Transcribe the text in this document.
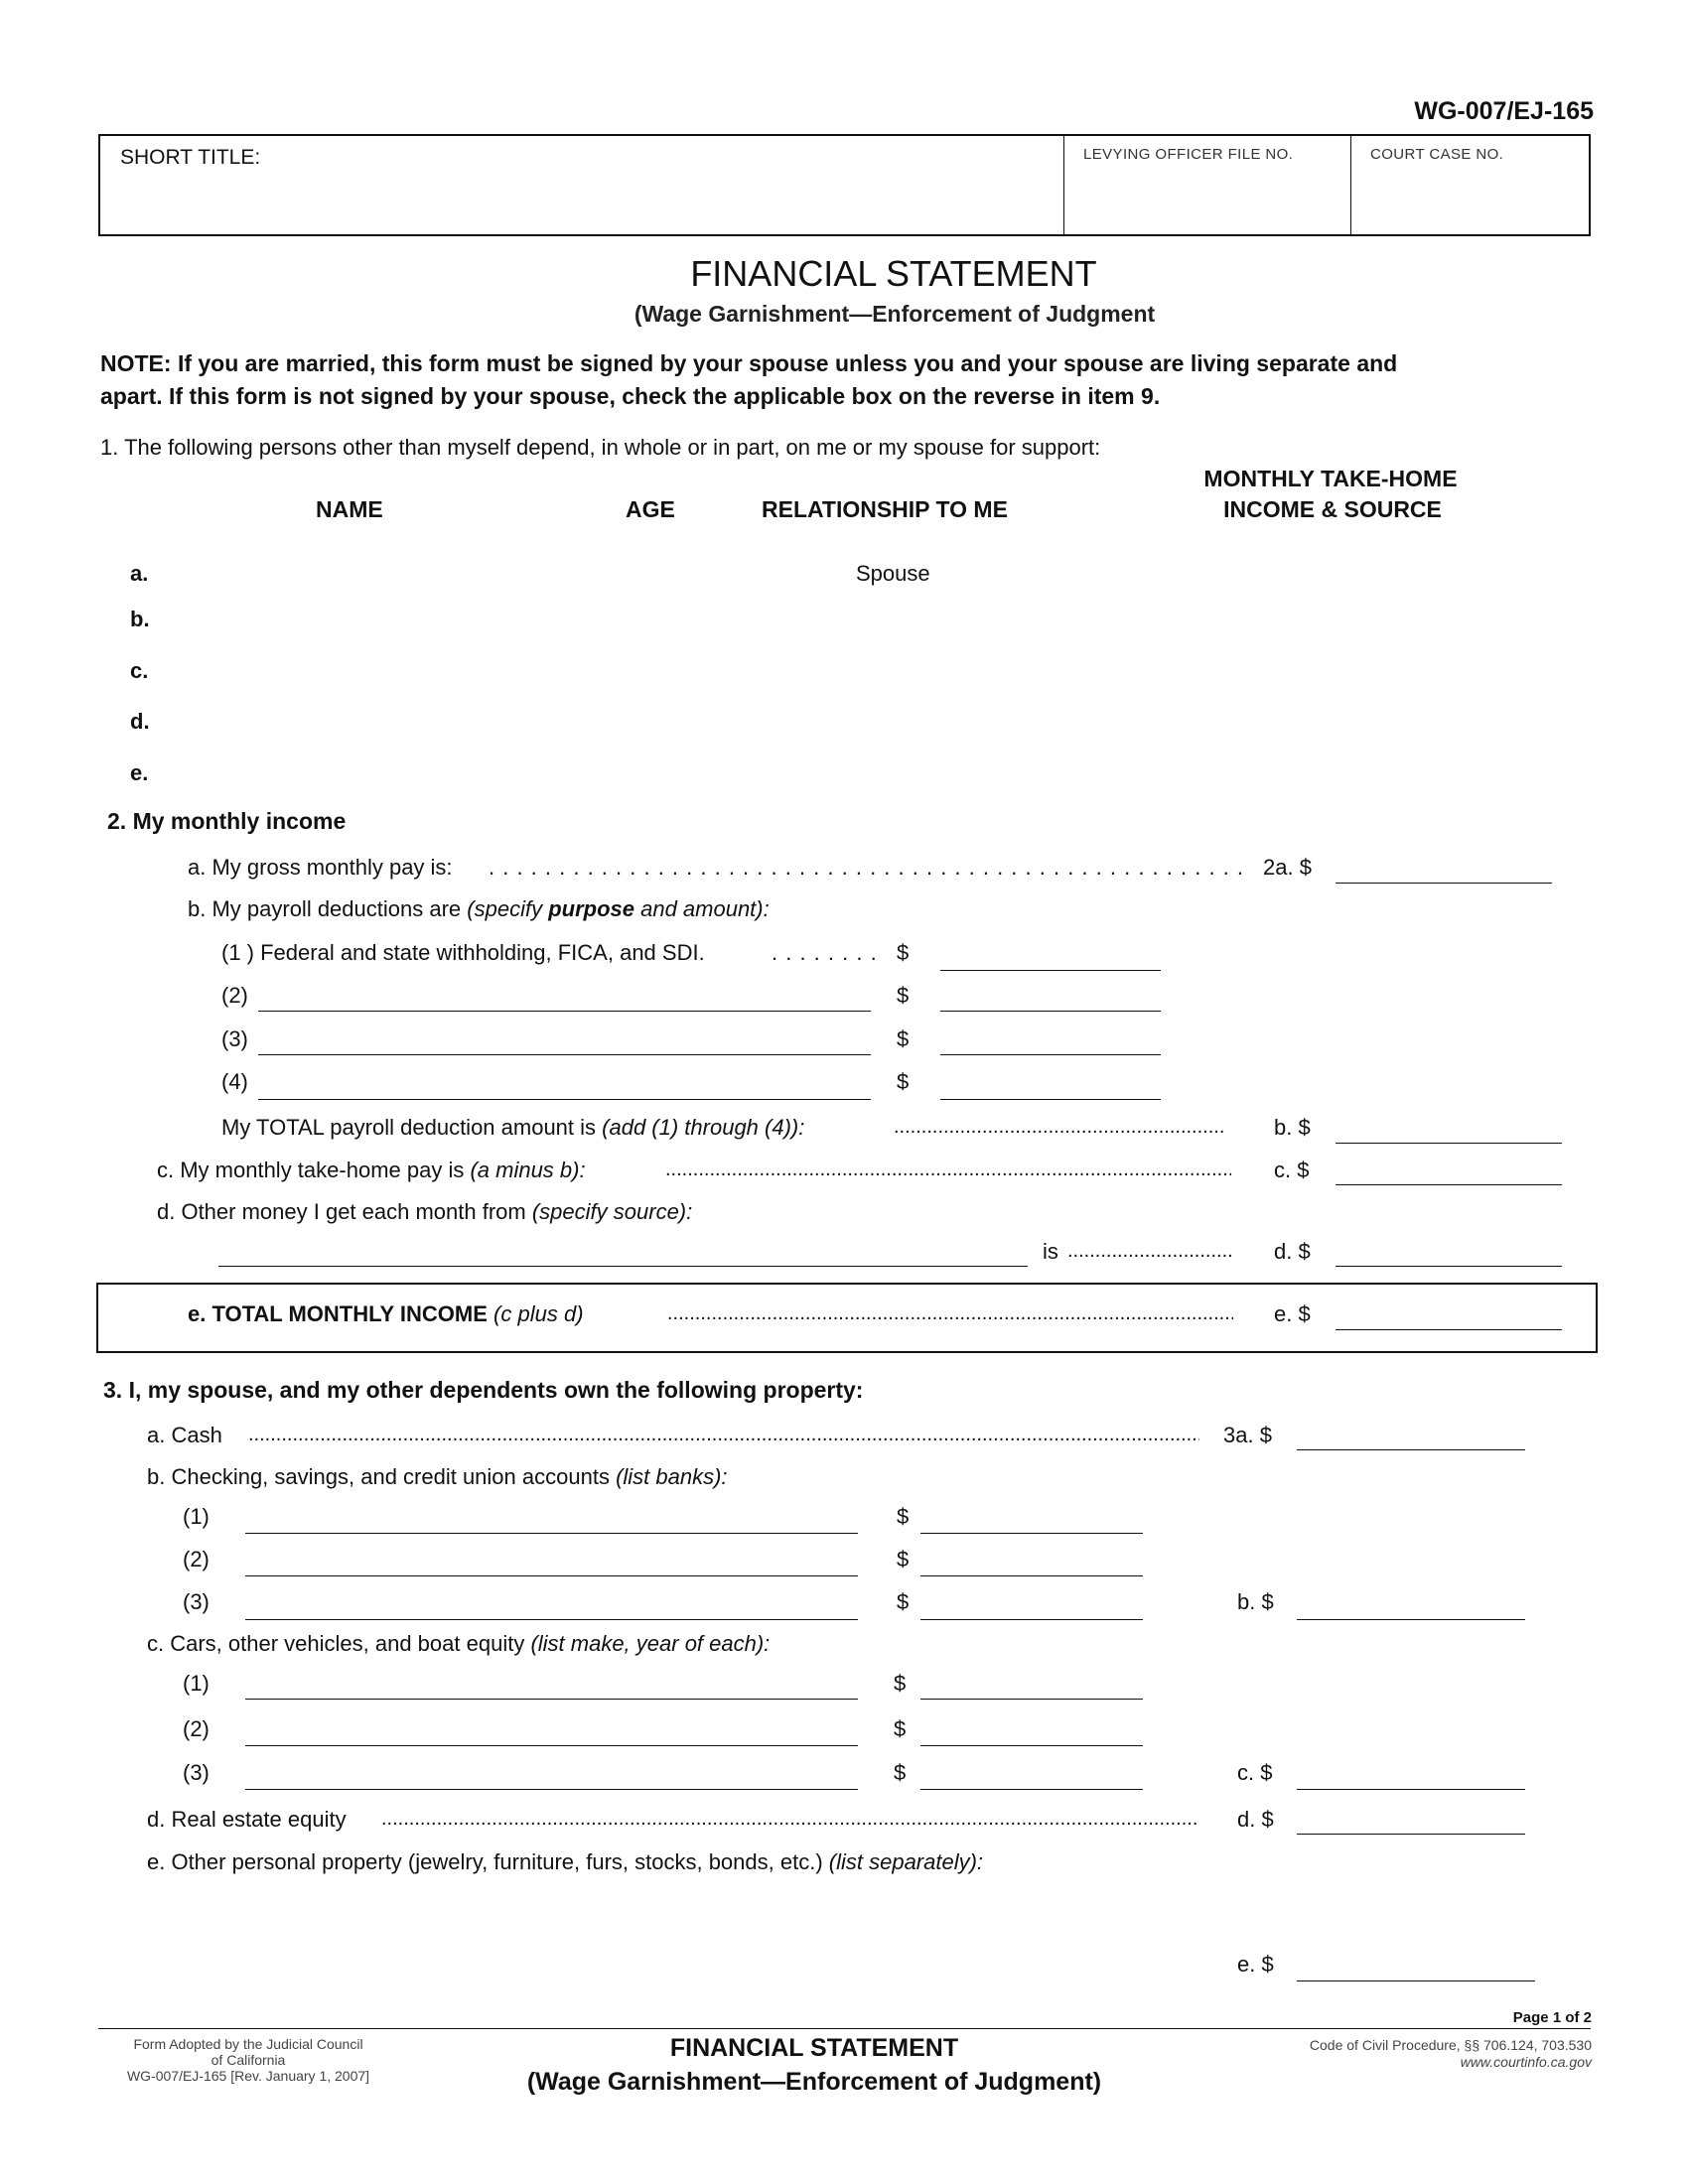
WG-007/EJ-165
SHORT TITLE:	LEVYING OFFICER FILE NO.	COURT CASE NO.
FINANCIAL STATEMENT
(Wage Garnishment—Enforcement of Judgment
NOTE: If you are married, this form must be signed by your spouse unless you and your spouse are living separate and
apart. If this form is not signed by your spouse, check the applicable box on the reverse in item 9.
1. The following persons other than myself depend, in whole or in part, on me or my spouse for support:
NAME	AGE	RELATIONSHIP TO ME
MONTHLY TAKE-HOME
INCOME & SOURCE
a.	Spouse
b.
c.
d.
e.
2. My monthly income
a. My gross monthly pay is: . . .	2a. $
b. My payroll deductions are (specify purpose and amount):
(1 ) Federal and state withholding, FICA, and SDI. . . .	$
(2)	$
(3)	$
(4)	$
My TOTAL payroll deduction amount is (add (1) through (4)): .....	b. $
c. My monthly take-home pay is (a minus b): .....	c. $
d. Other money I get each month from (specify source):
is .....	d. $
e. TOTAL MONTHLY INCOME (c plus d) .....	e. $
3. I, my spouse, and my other dependents own the following property:
a. Cash .....	3a. $
b. Checking, savings, and credit union accounts (list banks):
(1)	$
(2)	$
(3)	$	b. $
c. Cars, other vehicles, and boat equity (list make, year of each):
(1)	$
(2)	$
(3)	$	c. $
d. Real estate equity .....	d. $
e. Other personal property (jewelry, furniture, furs, stocks, bonds, etc.) (list separately):
e. $
Page 1 of 2
Form Adopted by the Judicial Council
of California
WG-007/EJ-165 [Rev. January 1, 2007]
FINANCIAL STATEMENT
(Wage Garnishment—Enforcement of Judgment)
Code of Civil Procedure, §§ 706.124, 703.530
www.courtinfo.ca.gov
